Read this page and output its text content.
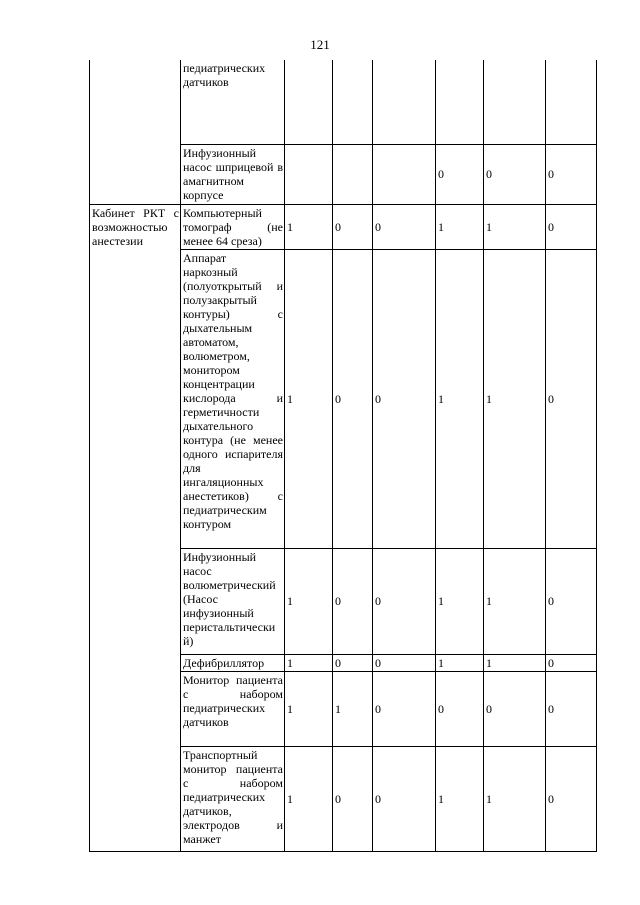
121
	педиатрических датчиков						
	Инфузионный насос шприцевой в амагнитном корпусе				0	0	0
Кабинет РКТ с возможностью анестезии	Компьютерный томограф (не менее 64 среза)	1	0	0	1	1	0
	Аппарат наркозный (полуоткрытый и полузакрытый контуры) с дыхательным автоматом, волюметром, монитором концентрации кислорода и герметичности дыхательного контура (не менее одного испарителя для ингаляционных анестетиков) с педиатрическим контуром	1	0	0	1	1	0
	Инфузионный насос волюметрический (Насос инфузионный перистальтически й)	1	0	0	1	1	0
	Дефибриллятор	1	0	0	1	1	0
	Монитор пациента с набором педиатрических датчиков	1	1	0	0	0	0
	Транспортный монитор пациента с набором педиатрических датчиков, электродов и манжет	1	0	0	1	1	0
